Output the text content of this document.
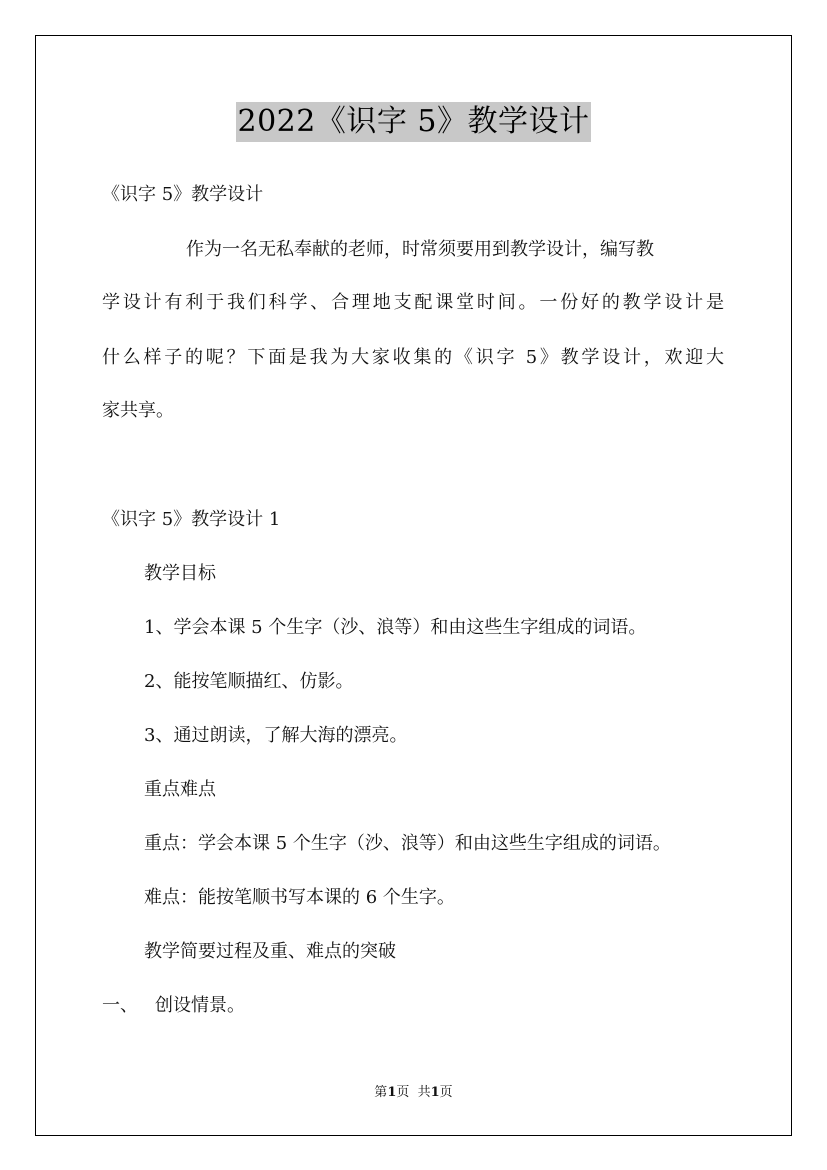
2022《识字 5》教学设计
《识字 5》教学设计
作为一名无私奉献的老师，时常须要用到教学设计，编写教
学设计有利于我们科学、合理地支配课堂时间。一份好的教学设计是
什么样子的呢？下面是我为大家收集的《识字 5》教学设计，欢迎大
家共享。
《识字 5》教学设计 1
教学目标
1、学会本课 5 个生字（沙、浪等）和由这些生字组成的词语。
2、能按笔顺描红、仿影。
3、通过朗读，了解大海的漂亮。
重点难点
重点：学会本课 5 个生字（沙、浪等）和由这些生字组成的词语。
难点：能按笔顺书写本课的 6 个生字。
教学简要过程及重、难点的突破
一、 创设情景。
第1页  共1页
